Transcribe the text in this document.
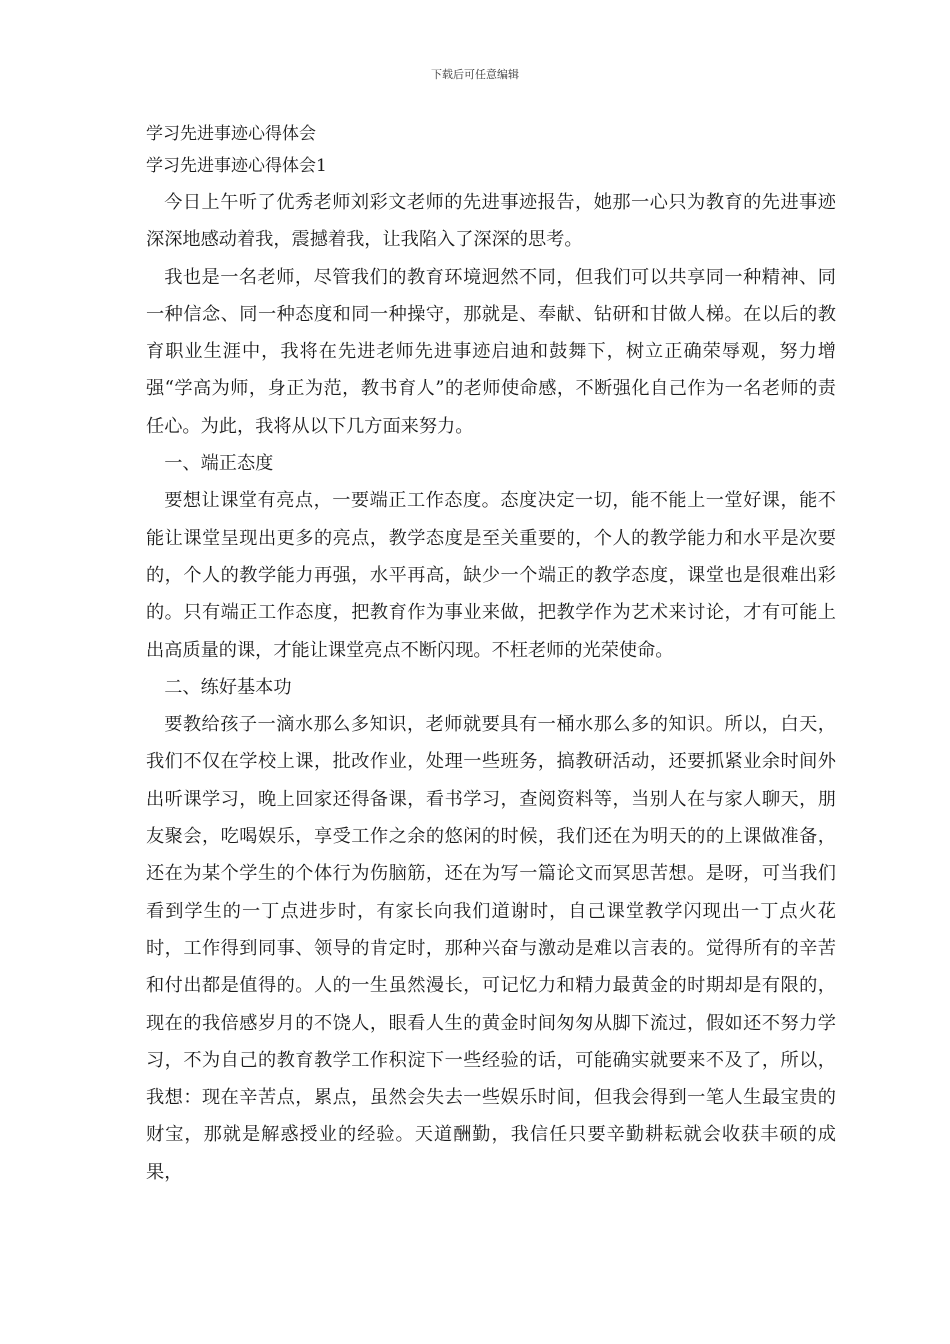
下载后可任意编辑
学习先进事迹心得体会
学习先进事迹心得体会1

今日上午听了优秀老师刘彩文老师的先进事迹报告，她那一心只为教育的先进事迹深深地感动着我，震撼着我，让我陷入了深深的思考。

我也是一名老师，尽管我们的教育环境迥然不同，但我们可以共享同一种精神、同一种信念、同一种态度和同一种操守，那就是、奉献、钻研和甘做人梯。在以后的教育职业生涯中，我将在先进老师先进事迹启迪和鼓舞下，树立正确荣辱观，努力增强“学高为师，身正为范，教书育人”的老师使命感，不断强化自己作为一名老师的责任心。为此，我将从以下几方面来努力。

一、端正态度

要想让课堂有亮点，一要端正工作态度。态度决定一切，能不能上一堂好课，能不能让课堂呈现出更多的亮点，教学态度是至关重要的，个人的教学能力和水平是次要的，个人的教学能力再强，水平再高，缺少一个端正的教学态度，课堂也是很难出彩的。只有端正工作态度，把教育作为事业来做，把教学作为艺术来讨论，才有可能上出高质量的课，才能让课堂亮点不断闪现。不枉老师的光荣使命。

二、练好基本功

要教给孩子一滴水那么多知识，老师就要具有一桶水那么多的知识。所以，白天，我们不仅在学校上课，批改作业，处理一些班务，搞教研活动，还要抓紧业余时间外出听课学习，晚上回家还得备课，看书学习，查阅资料等，当别人在与家人聊天，朋友聚会，吃喝娱乐，享受工作之余的悠闲的时候，我们还在为明天的的上课做准备，还在为某个学生的个体行为伤脑筋，还在为写一篇论文而冥思苦想。是呀，可当我们看到学生的一丁点进步时，有家长向我们道谢时，自己课堂教学闪现出一丁点火花时，工作得到同事、领导的肯定时，那种兴奋与激动是难以言表的。觉得所有的辛苦和付出都是值得的。人的一生虽然漫长，可记忆力和精力最黄金的时期却是有限的，现在的我倍感岁月的不饶人，眼看人生的黄金时间匆匆从脚下流过，假如还不努力学习，不为自己的教育教学工作积淀下一些经验的话，可能确实就要来不及了，所以，我想：现在辛苦点，累点，虽然会失去一些娱乐时间，但我会得到一笔人生最宝贵的财宝，那就是解惑授业的经验。天道酬勤，我信任只要辛勤耕耘就会收获丰硕的成果，
